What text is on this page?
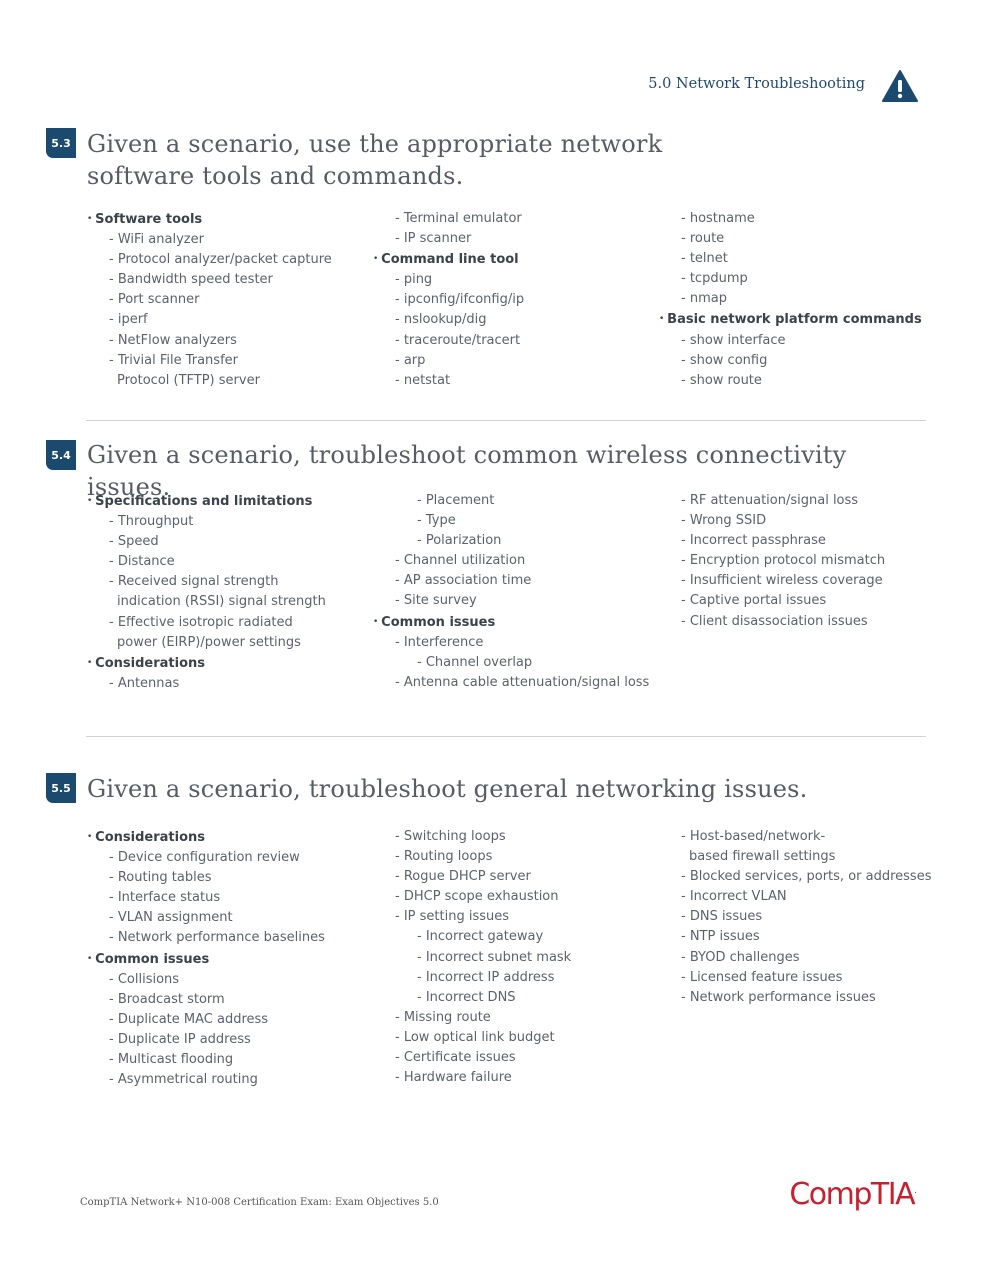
5.0 Network Troubleshooting
5.3 Given a scenario, use the appropriate network
software tools and commands.
• Software tools
- WiFi analyzer
- Protocol analyzer/packet capture
- Bandwidth speed tester
- Port scanner
- iperf
- NetFlow analyzers
- Trivial File Transfer
Protocol (TFTP) server
- Terminal emulator
- IP scanner
• Command line tool
- ping
- ipconfig/ifconfig/ip
- nslookup/dig
- traceroute/tracert
- arp
- netstat
- hostname
- route
- telnet
- tcpdump
- nmap
• Basic network platform commands
- show interface
- show config
- show route
5.4 Given a scenario, troubleshoot common wireless connectivity issues.
• Specifications and limitations
- Throughput
- Speed
- Distance
- Received signal strength
indication (RSSI) signal strength
- Effective isotropic radiated
power (EIRP)/power settings
• Considerations
- Antennas
- Placement
- Type
- Polarization
- Channel utilization
- AP association time
- Site survey
• Common issues
- Interference
- Channel overlap
- Antenna cable attenuation/signal loss
- RF attenuation/signal loss
- Wrong SSID
- Incorrect passphrase
- Encryption protocol mismatch
- Insufficient wireless coverage
- Captive portal issues
- Client disassociation issues
5.5 Given a scenario, troubleshoot general networking issues.
• Considerations
- Device configuration review
- Routing tables
- Interface status
- VLAN assignment
- Network performance baselines
• Common issues
- Collisions
- Broadcast storm
- Duplicate MAC address
- Duplicate IP address
- Multicast flooding
- Asymmetrical routing
- Switching loops
- Routing loops
- Rogue DHCP server
- DHCP scope exhaustion
- IP setting issues
- Incorrect gateway
- Incorrect subnet mask
- Incorrect IP address
- Incorrect DNS
- Missing route
- Low optical link budget
- Certificate issues
- Hardware failure
- Host-based/network-
based firewall settings
- Blocked services, ports, or addresses
- Incorrect VLAN
- DNS issues
- NTP issues
- BYOD challenges
- Licensed feature issues
- Network performance issues
CompTIA Network+ N10-008 Certification Exam: Exam Objectives 5.0	CompTIA.
